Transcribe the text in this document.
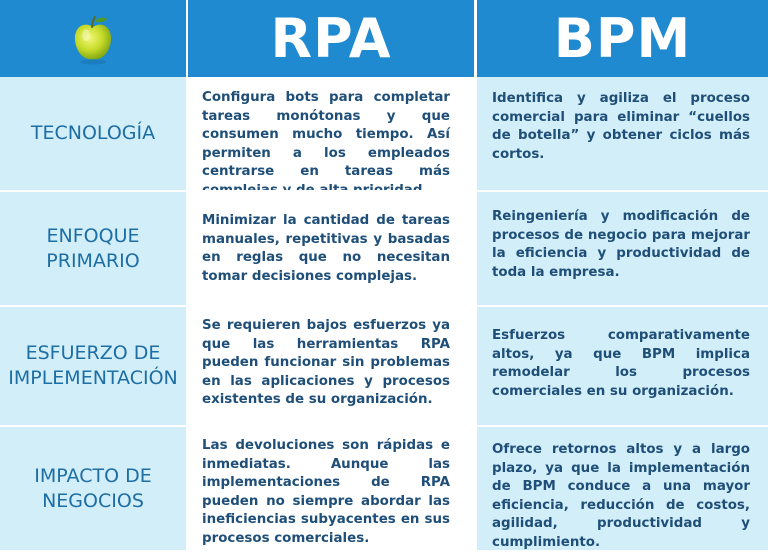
RPA	BPM
TECNOLOGÍA

Configura bots para completar tareas monótonas y que consumen mucho tiempo. Así permiten a los empleados centrarse en tareas más

Identifica y agiliza el proceso comercial para eliminar “cuellos de botella” y obtener ciclos más cortos.

ENFOQUE PRIMARIO

Minimizar la cantidad de tareas manuales, repetitivas y basadas en reglas que no necesitan tomar decisiones complejas.

Reingeniería y modificación de procesos de negocio para mejorar la eficiencia y productividad de toda la empresa.

ESFUERZO DE IMPLEMENTACIÓN

Se requieren bajos esfuerzos ya que las herramientas RPA pueden funcionar sin problemas en las aplicaciones y procesos existentes de su organización.

Esfuerzos comparativamente altos, ya que BPM implica remodelar los procesos comerciales en su organización.

IMPACTO DE NEGOCIOS

Las devoluciones son rápidas e inmediatas. Aunque las implementaciones de RPA pueden no siempre abordar las ineficiencias subyacentes en sus procesos comerciales.

Ofrece retornos altos y a largo plazo, ya que la implementación de BPM conduce a una mayor eficiencia, reducción de costos, agilidad, productividad y cumplimiento.
